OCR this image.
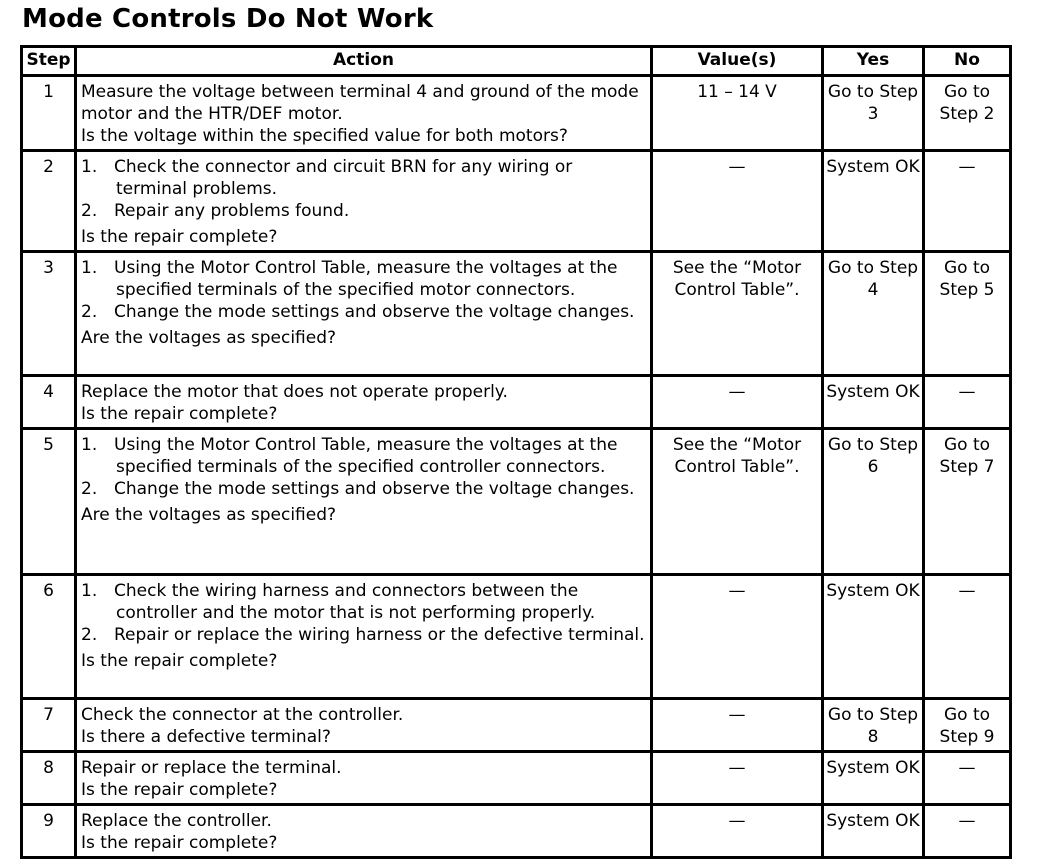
Mode Controls Do Not Work
Step	Action	Value(s)	Yes	No
1	Measure the voltage between terminal 4 and ground of the mode motor and the HTR/DEF motor.
Is the voltage within the specified value for both motors?	11 – 14 V	Go to Step 3	Go to Step 2
2	1. Check the connector and circuit BRN for any wiring or terminal problems.
2. Repair any problems found.
Is the repair complete?	—	System OK	—
3	1. Using the Motor Control Table, measure the voltages at the specified terminals of the specified motor connectors.
2. Change the mode settings and observe the voltage changes.
Are the voltages as specified?	See the “Motor Control Table”.	Go to Step 4	Go to Step 5
4	Replace the motor that does not operate properly.
Is the repair complete?	—	System OK	—
5	1. Using the Motor Control Table, measure the voltages at the specified terminals of the specified controller connectors.
2. Change the mode settings and observe the voltage changes.
Are the voltages as specified?	See the “Motor Control Table”.	Go to Step 6	Go to Step 7
6	1. Check the wiring harness and connectors between the controller and the motor that is not performing properly.
2. Repair or replace the wiring harness or the defective terminal.
Is the repair complete?	—	System OK	—
7	Check the connector at the controller.
Is there a defective terminal?	—	Go to Step 8	Go to Step 9
8	Repair or replace the terminal.
Is the repair complete?	—	System OK	—
9	Replace the controller.
Is the repair complete?	—	System OK	—
